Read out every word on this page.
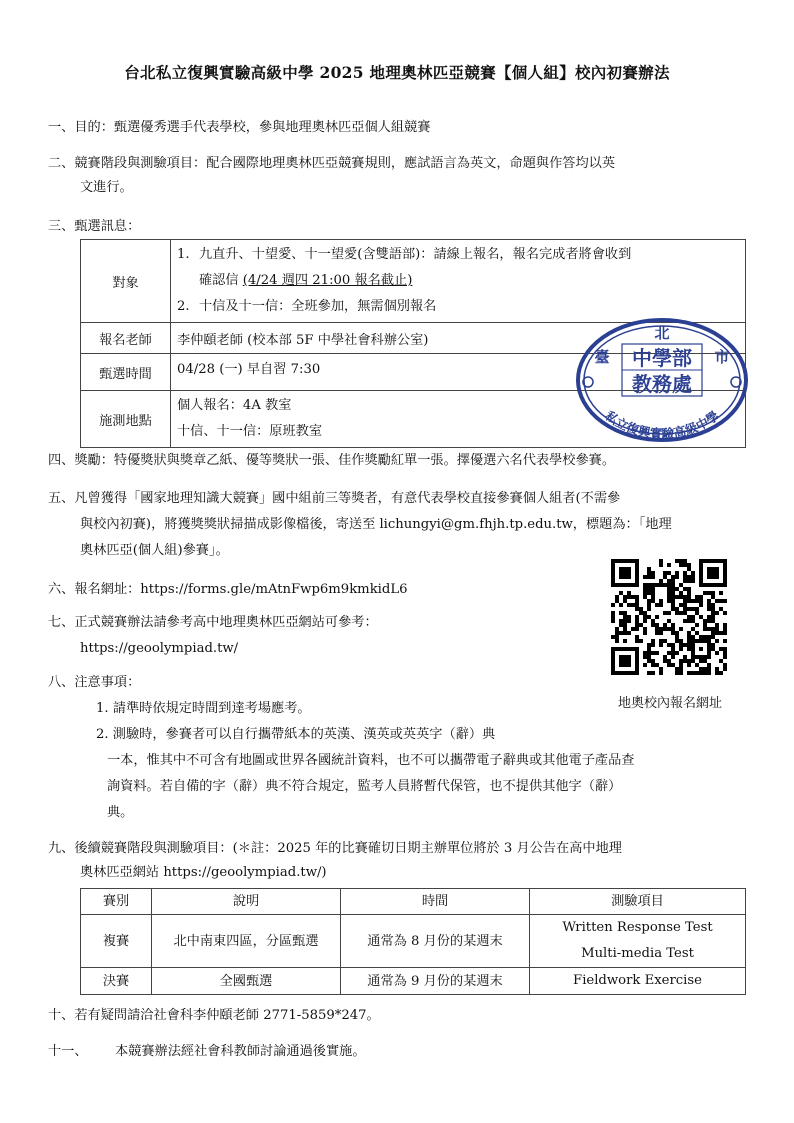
台北私立復興實驗高級中學 2025 地理奧林匹亞競賽【個人組】校內初賽辦法
一、目的：甄選優秀選手代表學校，參與地理奧林匹亞個人組競賽
二、競賽階段與測驗項目：配合國際地理奧林匹亞競賽規則，應試語言為英文，命題與作答均以英
文進行。
三、甄選訊息：
對象	1. 九直升、十望愛、十一望愛(含雙語部)：請線上報名，報名完成者將會收到
確認信 (4/24 週四 21:00 報名截止)
2. 十信及十一信：全班參加，無需個別報名

報名老師	李仲頤老師 (校本部 5F 中學社會科辦公室)
甄選時間	04/28 (一) 早自習 7:30
施測地點	個人報名：4A 教室
十信、十一信：原班教室
北
臺	市
中學部
教務處
私立復興實驗高級中學
四、獎勵：特優獎狀與獎章乙紙、優等獎狀一張、佳作獎勵紅單一張。擇優選六名代表學校參賽。
五、凡曾獲得「國家地理知識大競賽」國中組前三等獎者，有意代表學校直接參賽個人組者(不需參
與校內初賽)，將獲獎獎狀掃描成影像檔後，寄送至 lichungyi@gm.fhjh.tp.edu.tw，標題為：「地理
奧林匹亞(個人組)參賽」。
六、報名網址：https://forms.gle/mAtnFwp6m9kmkidL6
七、正式競賽辦法請參考高中地理奧林匹亞網站可參考：
https://geoolympiad.tw/
地奧校內報名網址
八、注意事項：
1. 請準時依規定時間到達考場應考。
2. 測驗時，參賽者可以自行攜帶紙本的英漢、漢英或英英字（辭）典
一本，惟其中不可含有地圖或世界各國統計資料，也不可以攜帶電子辭典或其他電子產品查
詢資料。若自備的字（辭）典不符合規定，監考人員將暫代保管，也不提供其他字（辭）
典。
九、後續競賽階段與測驗項目：(＊註：2025 年的比賽確切日期主辦單位將於 3 月公告在高中地理
奧林匹亞網站 https://geoolympiad.tw/)
賽別	說明	時間	測驗項目
複賽	北中南東四區，分區甄選	通常為 8 月份的某週末	Written Response Test
Multi-media Test

決賽	全國甄選	通常為 9 月份的某週末	Fieldwork Exercise
十、若有疑問請洽社會科李仲頤老師 2771-5859*247。
十一、 本競賽辦法經社會科教師討論通過後實施。
